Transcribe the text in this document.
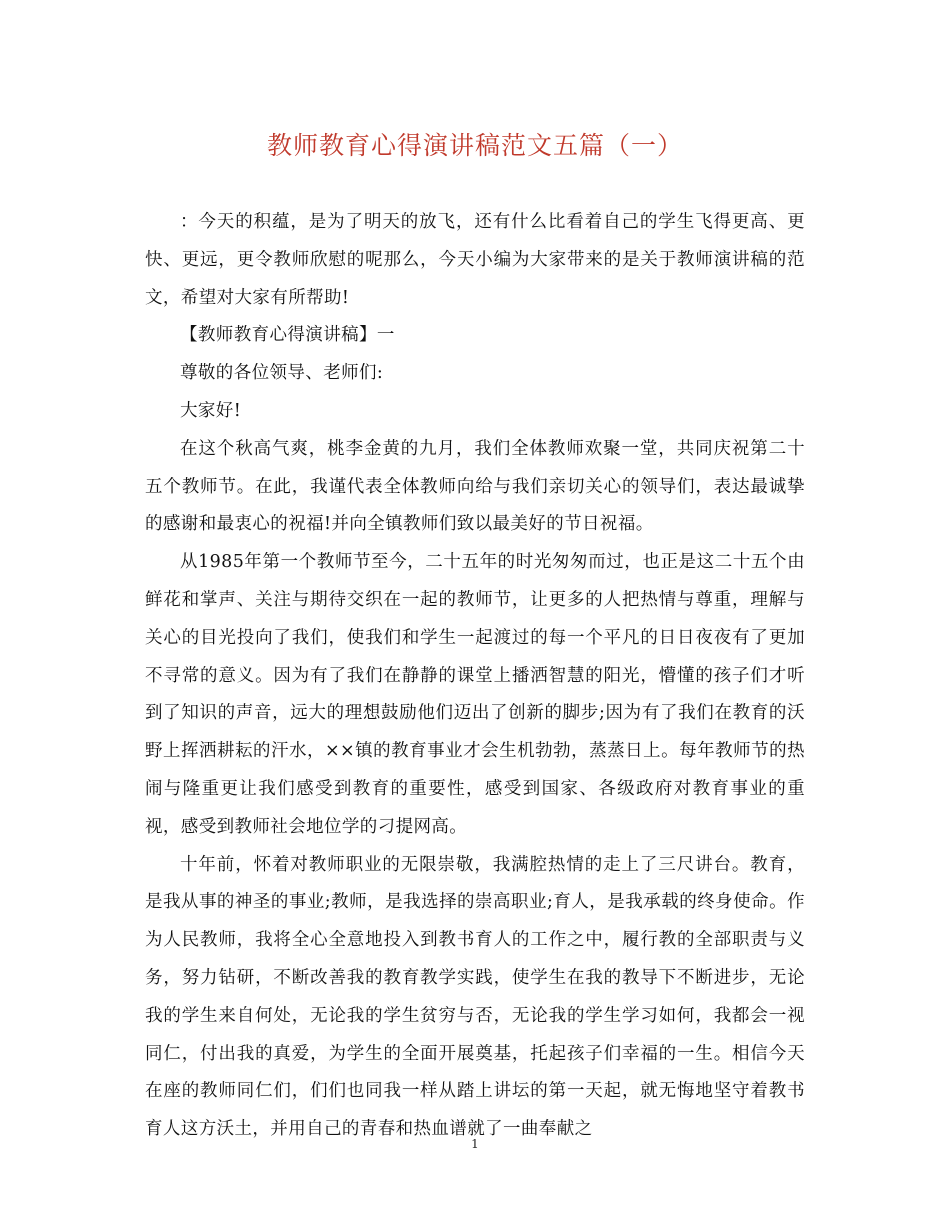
教师教育心得演讲稿范文五篇（一）

：今天的积蕴，是为了明天的放飞，还有什么比看着自己的学生飞得更高、更快、更远，更令教师欣慰的呢那么，今天小编为大家带来的是关于教师演讲稿的范文，希望对大家有所帮助!

【教师教育心得演讲稿】一

尊敬的各位领导、老师们:

大家好!

在这个秋高气爽，桃李金黄的九月，我们全体教师欢聚一堂，共同庆祝第二十五个教师节。在此，我谨代表全体教师向给与我们亲切关心的领导们，表达最诚挚的感谢和最衷心的祝福!并向全镇教师们致以最美好的节日祝福。

从1985年第一个教师节至今，二十五年的时光匆匆而过，也正是这二十五个由鲜花和掌声、关注与期待交织在一起的教师节，让更多的人把热情与尊重，理解与关心的目光投向了我们，使我们和学生一起渡过的每一个平凡的日日夜夜有了更加不寻常的意义。因为有了我们在静静的课堂上播洒智慧的阳光，懵懂的孩子们才听到了知识的声音，远大的理想鼓励他们迈出了创新的脚步;因为有了我们在教育的沃野上挥洒耕耘的汗水，××镇的教育事业才会生机勃勃，蒸蒸日上。每年教师节的热闹与隆重更让我们感受到教育的重要性，感受到国家、各级政府对教育事业的重视，感受到教师社会地位学的刁提网高。

十年前，怀着对教师职业的无限崇敬，我满腔热情的走上了三尺讲台。教育，是我从事的神圣的事业;教师，是我选择的崇高职业;育人，是我承载的终身使命。作为人民教师，我将全心全意地投入到教书育人的工作之中，履行教的全部职责与义务，努力钻研，不断改善我的教育教学实践，使学生在我的教导下不断进步，无论我的学生来自何处，无论我的学生贫穷与否，无论我的学生学习如何，我都会一视同仁，付出我的真爱，为学生的全面开展奠基，托起孩子们幸福的一生。相信今天在座的教师同仁们，们们也同我一样从踏上讲坛的第一天起，就无悔地坚守着教书育人这方沃土，并用自己的青春和热血谱就了一曲奉献之

1
